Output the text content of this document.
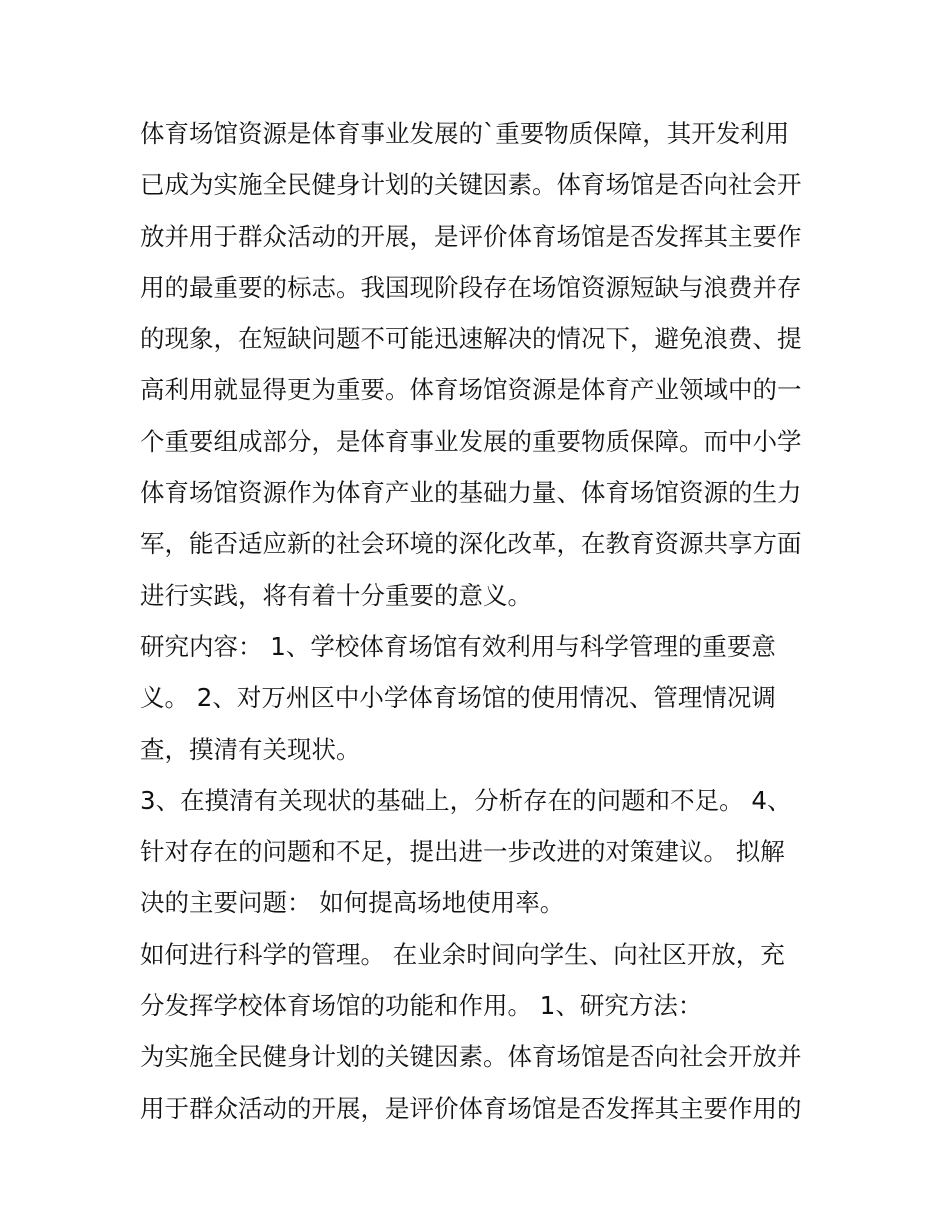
体育场馆资源是体育事业发展的`重要物质保障，其开发利用
已成为实施全民健身计划的关键因素。体育场馆是否向社会开
放并用于群众活动的开展，是评价体育场馆是否发挥其主要作
用的最重要的标志。我国现阶段存在场馆资源短缺与浪费并存
的现象，在短缺问题不可能迅速解决的情况下，避免浪费、提
高利用就显得更为重要。体育场馆资源是体育产业领域中的一
个重要组成部分，是体育事业发展的重要物质保障。而中小学
体育场馆资源作为体育产业的基础力量、体育场馆资源的生力
军，能否适应新的社会环境的深化改革，在教育资源共享方面
进行实践，将有着十分重要的意义。
研究内容： 1、学校体育场馆有效利用与科学管理的重要意
义。 2、对万州区中小学体育场馆的使用情况、管理情况调
查，摸清有关现状。
3、在摸清有关现状的基础上，分析存在的问题和不足。 4、
针对存在的问题和不足，提出进一步改进的对策建议。 拟解
决的主要问题： 如何提高场地使用率。
如何进行科学的管理。 在业余时间向学生、向社区开放，充
分发挥学校体育场馆的功能和作用。 1、研究方法：
为实施全民健身计划的关键因素。体育场馆是否向社会开放并
用于群众活动的开展，是评价体育场馆是否发挥其主要作用的
